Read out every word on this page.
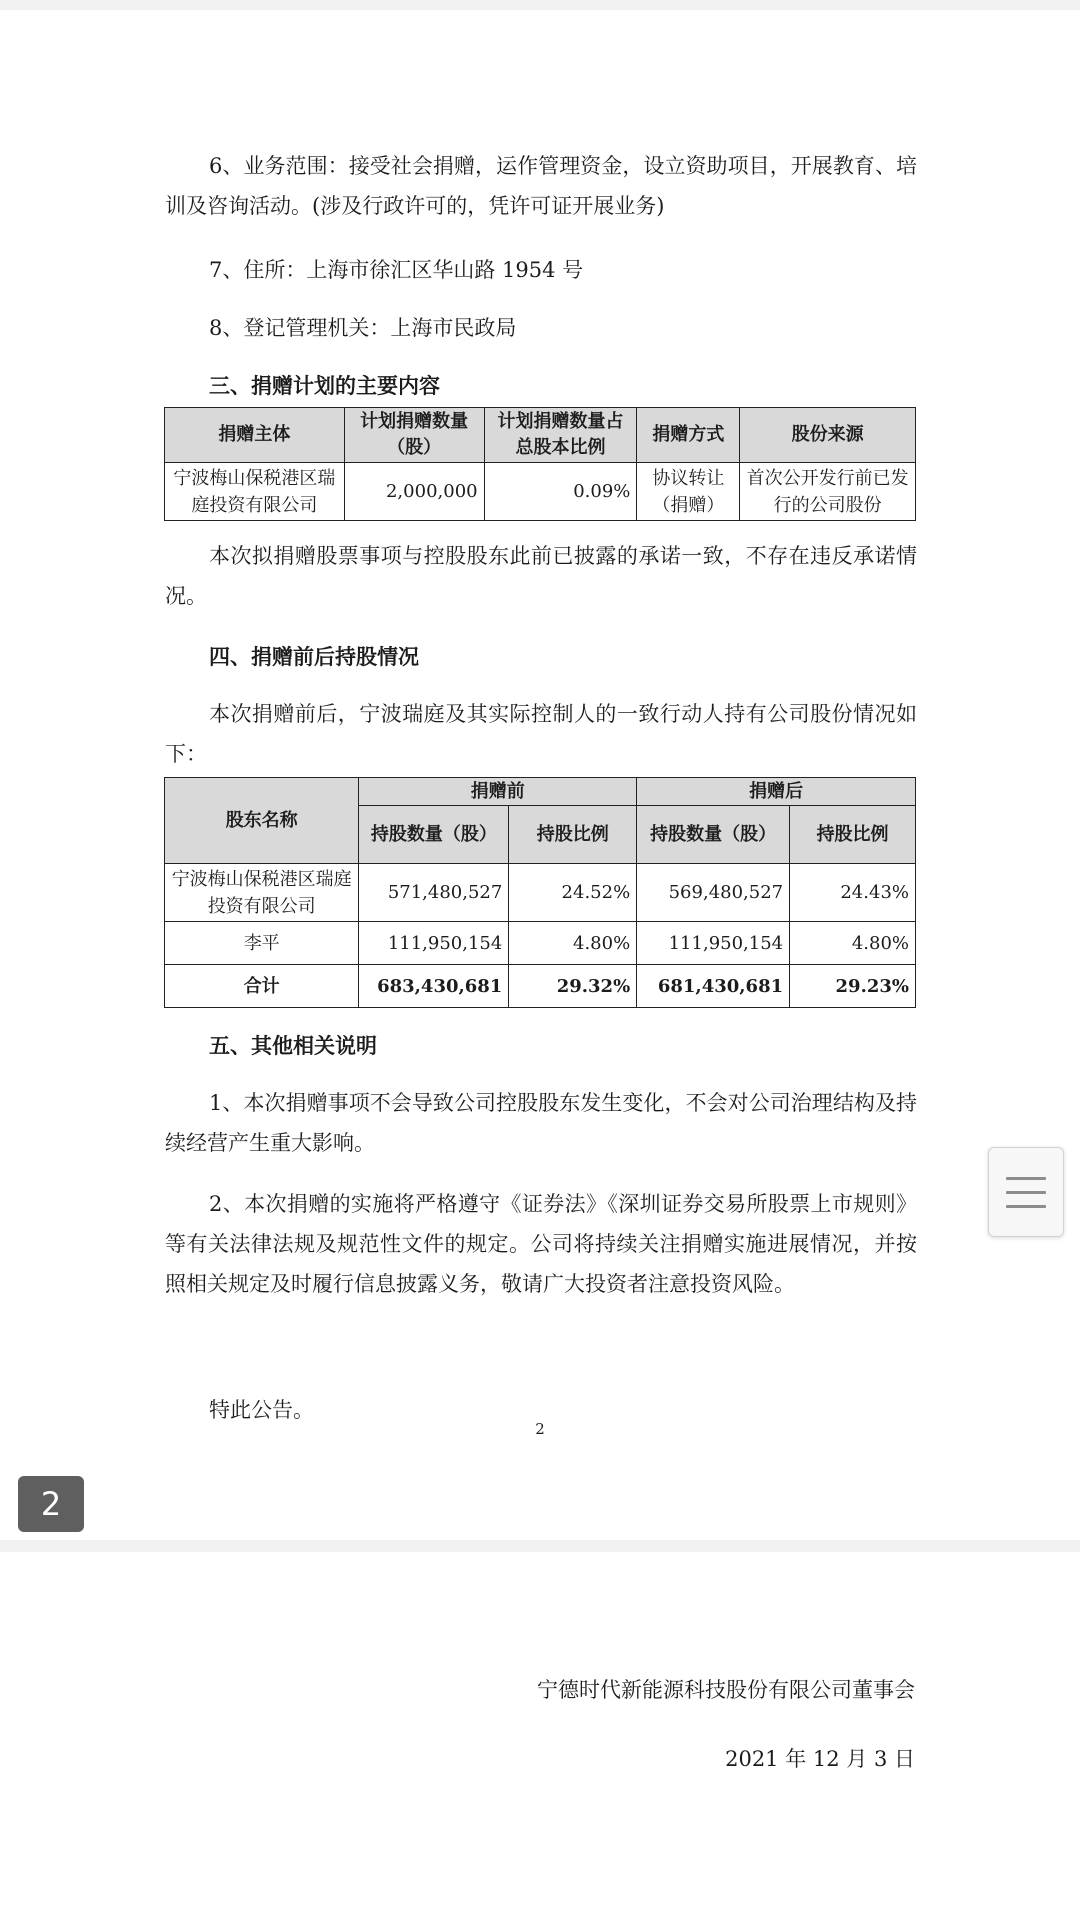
6、业务范围：接受社会捐赠，运作管理资金，设立资助项目，开展教育、培训及咨询活动。(涉及行政许可的，凭许可证开展业务)

7、住所：上海市徐汇区华山路 1954 号

8、登记管理机关：上海市民政局

三、捐赠计划的主要内容

捐赠主体	计划捐赠数量（股）	计划捐赠数量占总股本比例	捐赠方式	股份来源
宁波梅山保税港区瑞庭投资有限公司	2,000,000	0.09%	协议转让（捐赠）	首次公开发行前已发行的公司股份

本次拟捐赠股票事项与控股股东此前已披露的承诺一致，不存在违反承诺情况。

四、捐赠前后持股情况

本次捐赠前后，宁波瑞庭及其实际控制人的一致行动人持有公司股份情况如下：

股东名称	捐赠前		捐赠后	
	持股数量（股）	持股比例	持股数量（股）	持股比例
宁波梅山保税港区瑞庭投资有限公司	571,480,527	24.52%	569,480,527	24.43%
李平	111,950,154	4.80%	111,950,154	4.80%
合计	683,430,681	29.32%	681,430,681	29.23%

五、其他相关说明

1、本次捐赠事项不会导致公司控股股东发生变化，不会对公司治理结构及持续经营产生重大影响。

2、本次捐赠的实施将严格遵守《证券法》《深圳证券交易所股票上市规则》等有关法律法规及规范性文件的规定。公司将持续关注捐赠实施进展情况，并按照相关规定及时履行信息披露义务，敬请广大投资者注意投资风险。

特此公告。

2
2
宁德时代新能源科技股份有限公司董事会
2021 年 12 月 3 日
